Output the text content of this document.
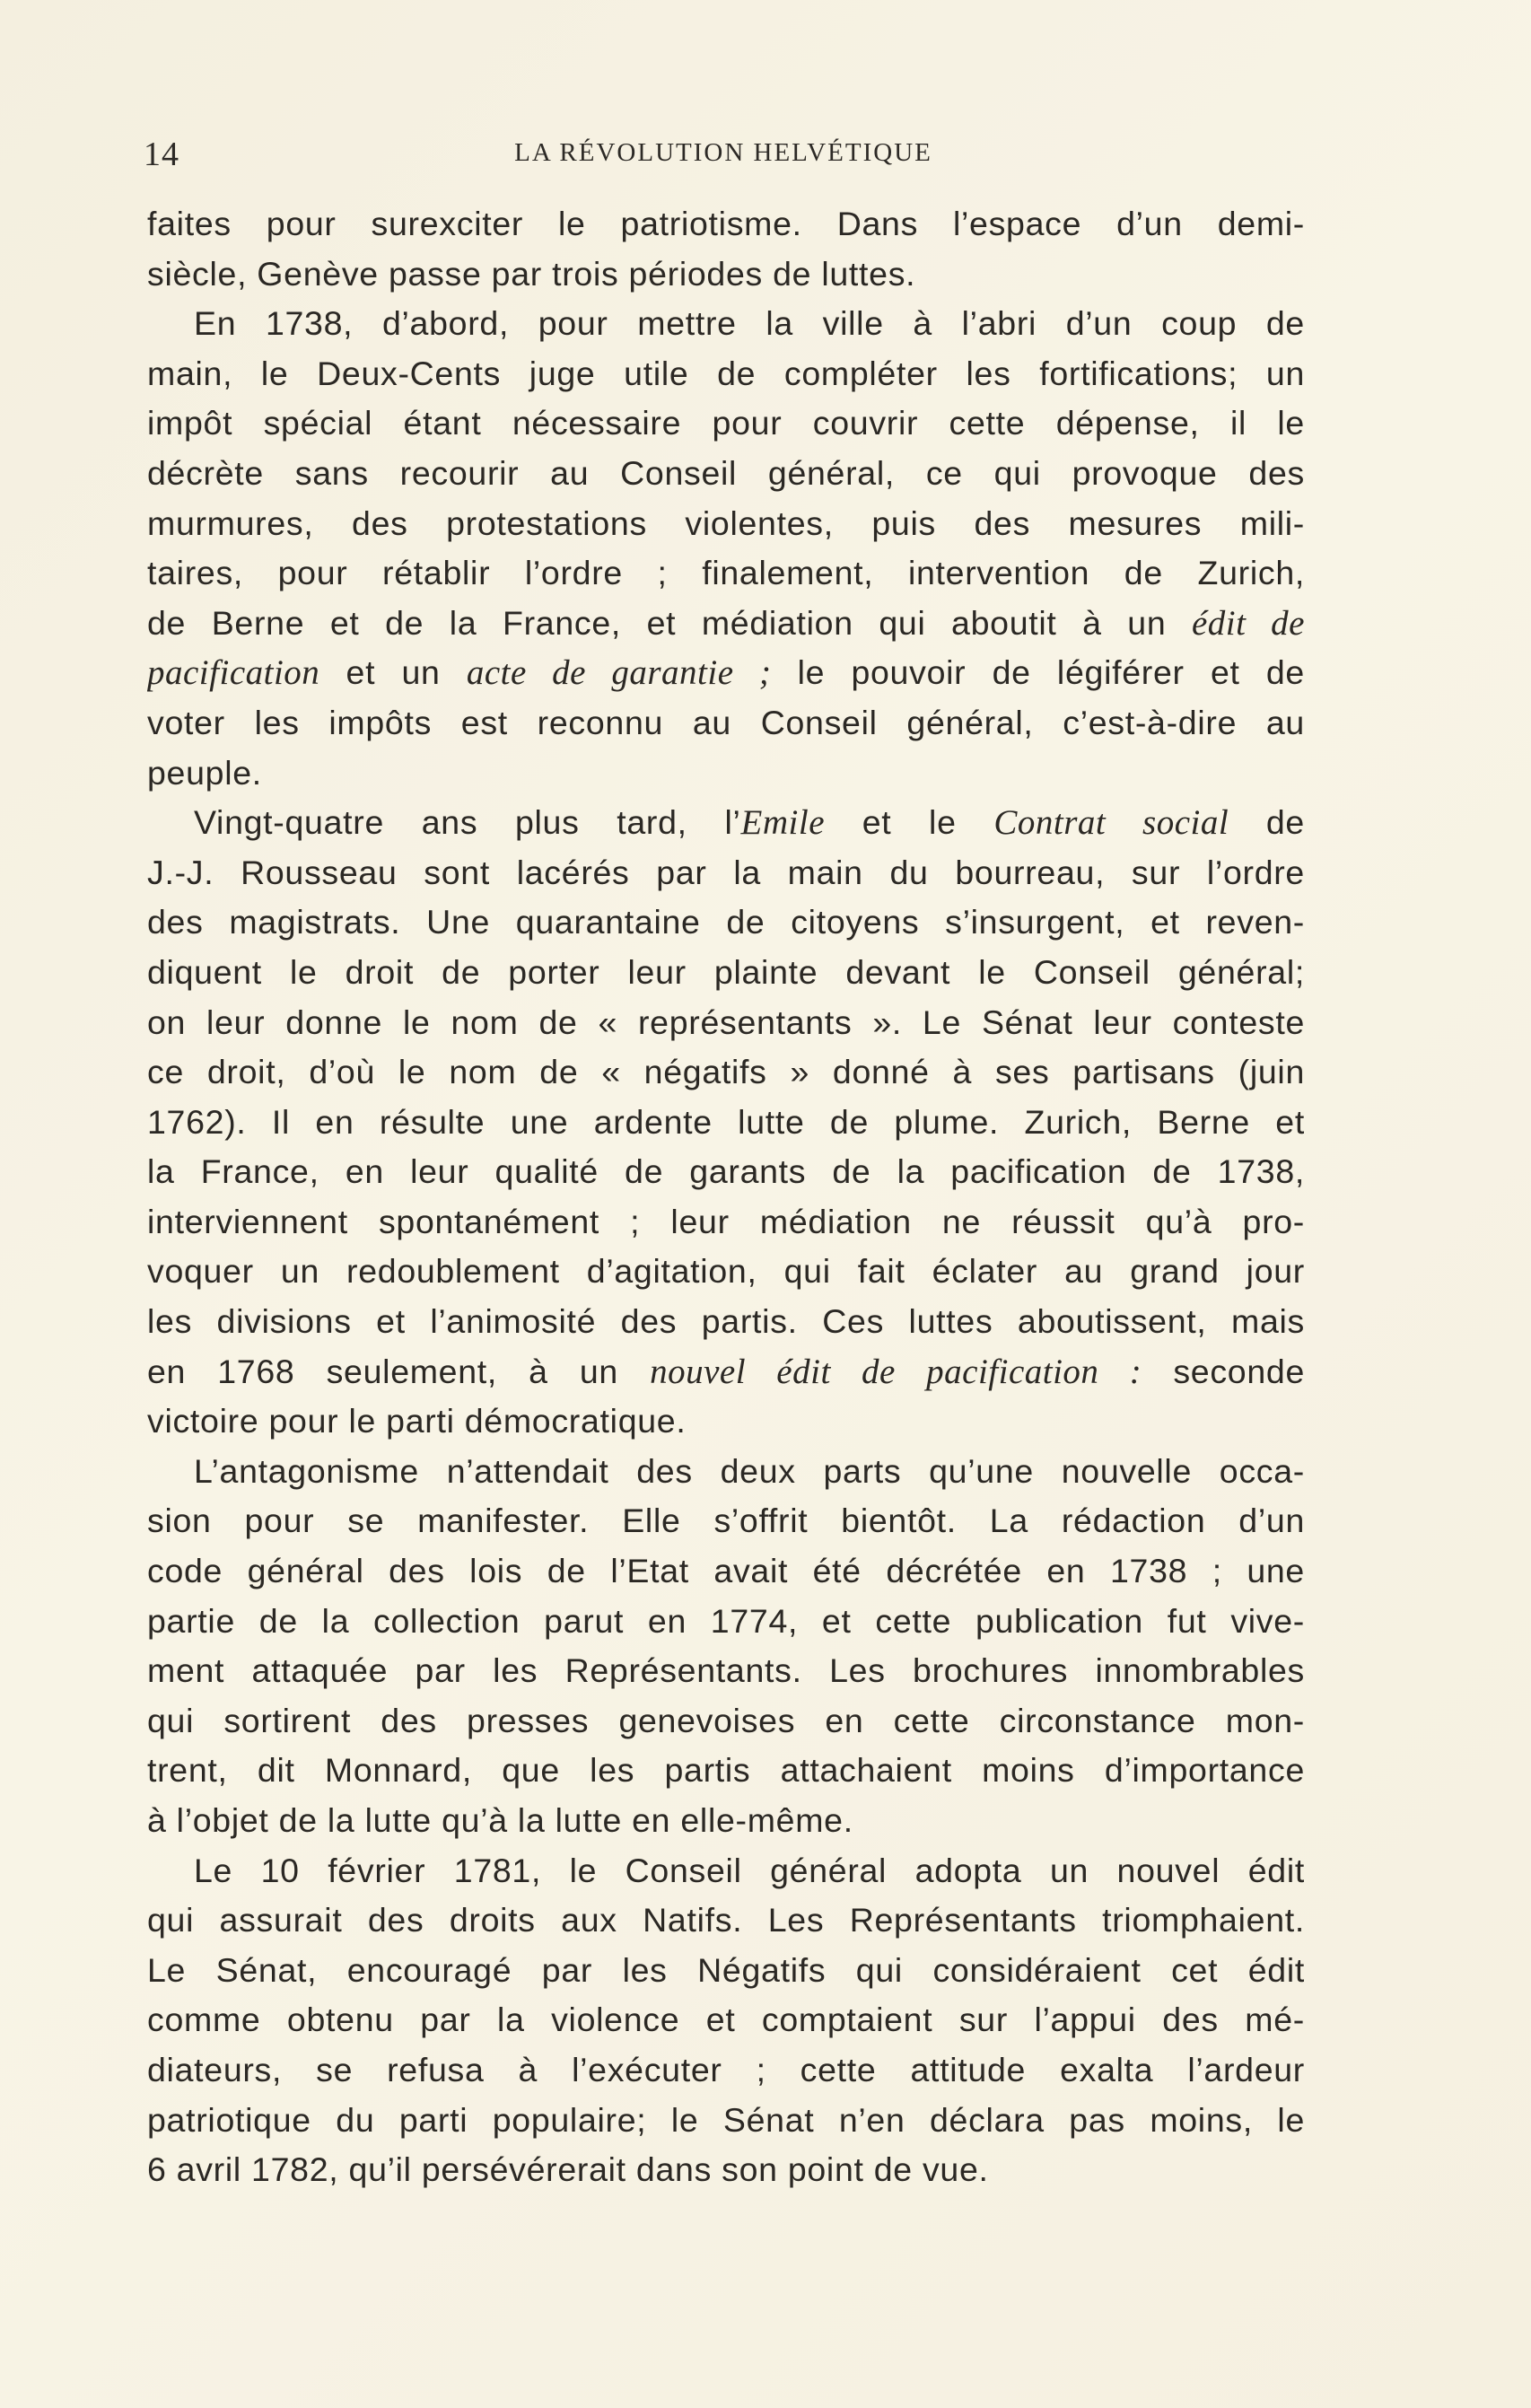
14	LA RÉVOLUTION HELVÉTIQUE
faites pour surexciter le patriotisme. Dans l’espace d’un demi-
siècle, Genève passe par trois périodes de luttes.
En 1738, d’abord, pour mettre la ville à l’abri d’un coup de
main, le Deux-Cents juge utile de compléter les fortifications; un
impôt spécial étant nécessaire pour couvrir cette dépense, il le
décrète sans recourir au Conseil général, ce qui provoque des
murmures, des protestations violentes, puis des mesures mili-
taires, pour rétablir l’ordre ; finalement, intervention de Zurich,
de Berne et de la France, et médiation qui aboutit à un édit de
pacification et un acte de garantie ; le pouvoir de légiférer et de
voter les impôts est reconnu au Conseil général, c’est-à-dire au
peuple.
Vingt-quatre ans plus tard, l’Emile et le Contrat social de
J.-J. Rousseau sont lacérés par la main du bourreau, sur l’ordre
des magistrats. Une quarantaine de citoyens s’insurgent, et reven-
diquent le droit de porter leur plainte devant le Conseil général;
on leur donne le nom de « représentants ». Le Sénat leur conteste
ce droit, d’où le nom de « négatifs » donné à ses partisans (juin
1762). Il en résulte une ardente lutte de plume. Zurich, Berne et
la France, en leur qualité de garants de la pacification de 1738,
interviennent spontanément ; leur médiation ne réussit qu’à pro-
voquer un redoublement d’agitation, qui fait éclater au grand jour
les divisions et l’animosité des partis. Ces luttes aboutissent, mais
en 1768 seulement, à un nouvel édit de pacification : seconde
victoire pour le parti démocratique.
L’antagonisme n’attendait des deux parts qu’une nouvelle occa-
sion pour se manifester. Elle s’offrit bientôt. La rédaction d’un
code général des lois de l’Etat avait été décrétée en 1738 ; une
partie de la collection parut en 1774, et cette publication fut vive-
ment attaquée par les Représentants. Les brochures innombrables
qui sortirent des presses genevoises en cette circonstance mon-
trent, dit Monnard, que les partis attachaient moins d’importance
à l’objet de la lutte qu’à la lutte en elle-même.
Le 10 février 1781, le Conseil général adopta un nouvel édit
qui assurait des droits aux Natifs. Les Représentants triomphaient.
Le Sénat, encouragé par les Négatifs qui considéraient cet édit
comme obtenu par la violence et comptaient sur l’appui des mé-
diateurs, se refusa à l’exécuter ; cette attitude exalta l’ardeur
patriotique du parti populaire; le Sénat n’en déclara pas moins, le
6 avril 1782, qu’il persévérerait dans son point de vue.
